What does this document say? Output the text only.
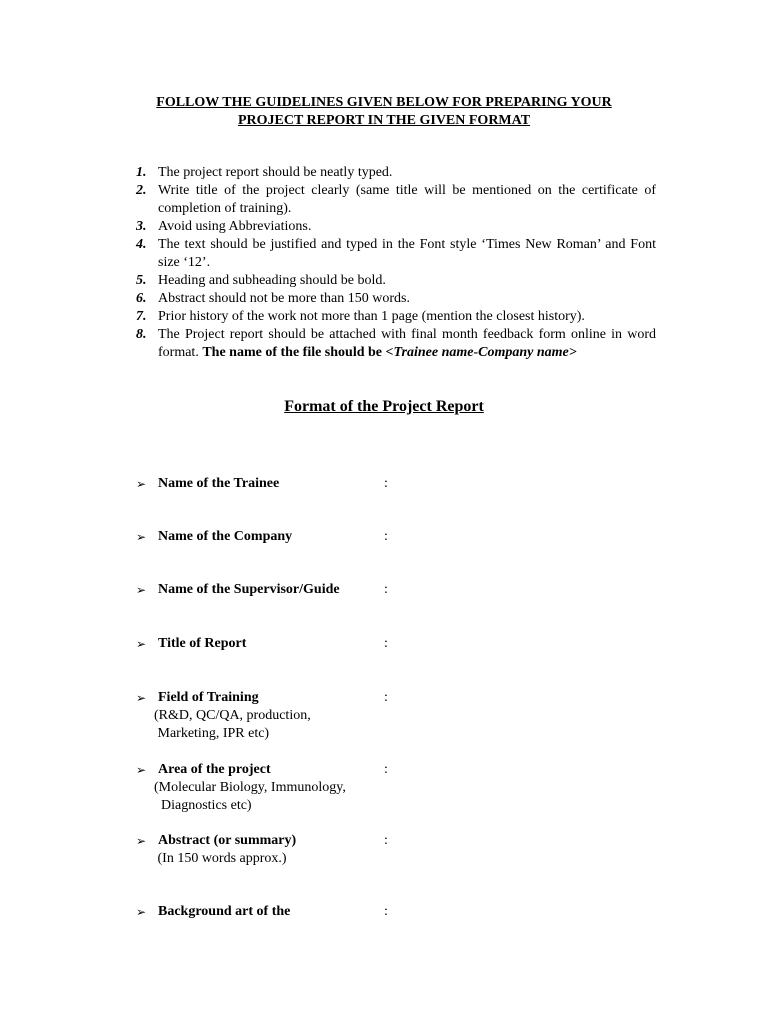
FOLLOW THE GUIDELINES GIVEN BELOW FOR PREPARING YOUR
PROJECT REPORT IN THE GIVEN FORMAT
1. The project report should be neatly typed.
2. Write title of the project clearly (same title will be mentioned on the certificate of completion of training).
3. Avoid using Abbreviations.
4. The text should be justified and typed in the Font style ‘Times New Roman’ and Font size ‘12’.
5. Heading and subheading should be bold.
6. Abstract should not be more than 150 words.
7. Prior history of the work not more than 1 page (mention the closest history).
8. The Project report should be attached with final month feedback form online in word format. The name of the file should be <Trainee name-Company name>
Format of the Project Report
➢ Name of the Trainee	:
➢ Name of the Company	:
➢ Name of the Supervisor/Guide	:
➢ Title of Report	:
➢ Field of Training	:
(R&D, QC/QA, production,
Marketing, IPR etc)
➢ Area of the project	:
(Molecular Biology, Immunology,
Diagnostics etc)
➢ Abstract (or summary)	:
(In 150 words approx.)
➢ Background art of the	:
